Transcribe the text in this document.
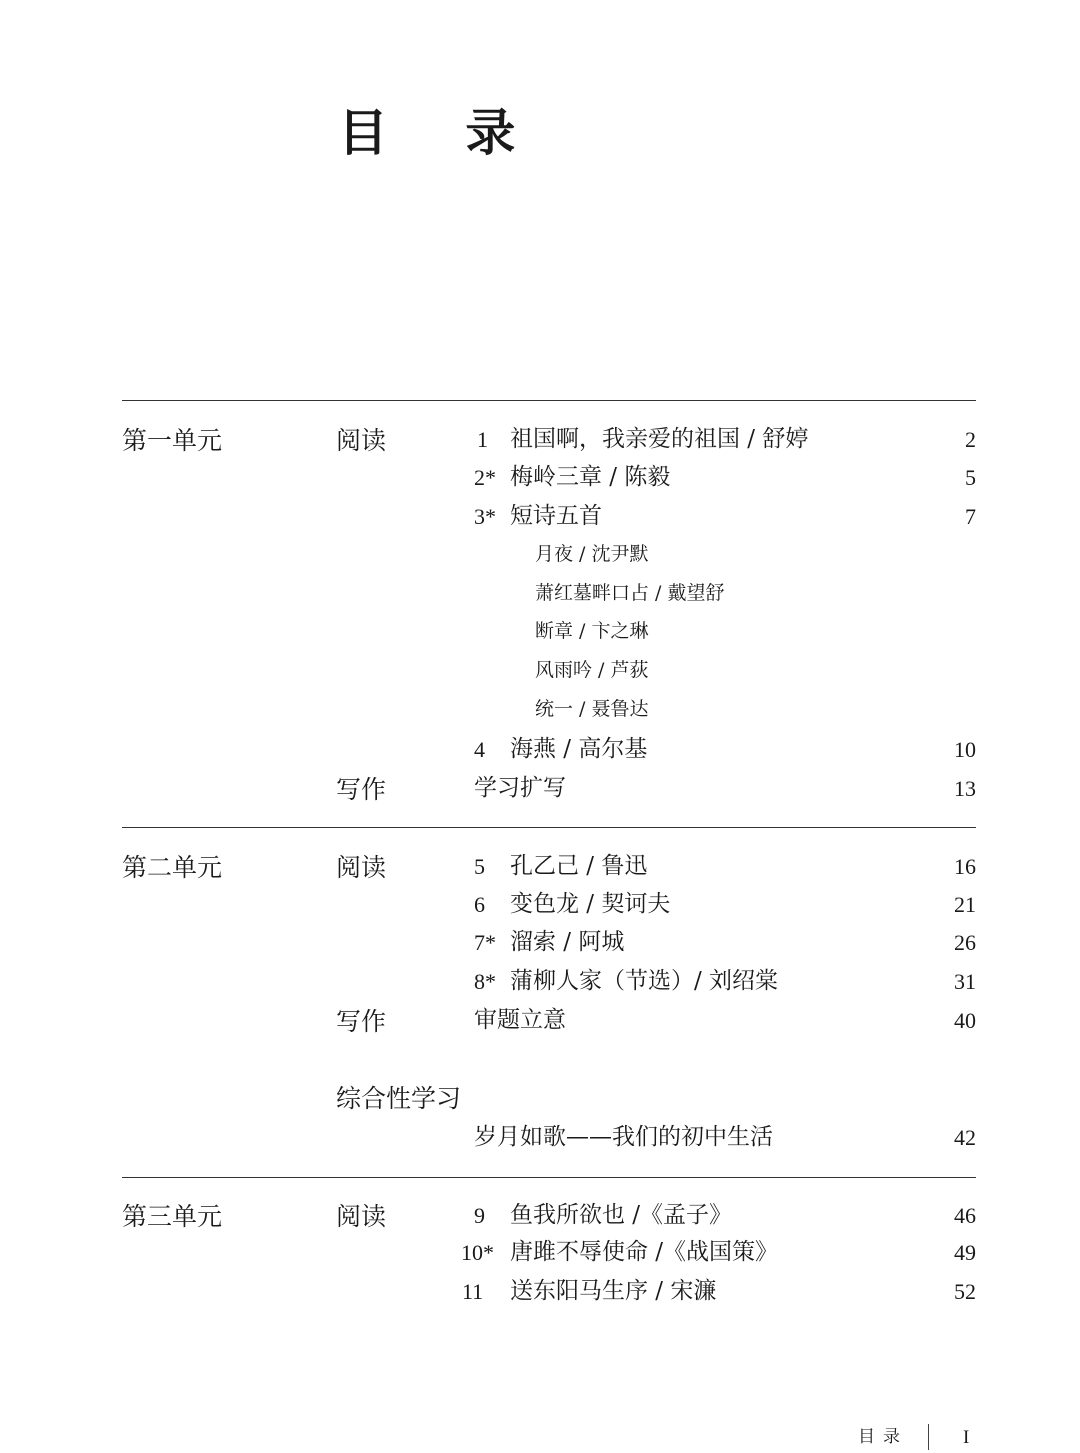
目 录
第一单元	阅读	1 祖国啊，我亲爱的祖国 / 舒婷	2
2* 梅岭三章 / 陈毅	5
3* 短诗五首	7
月夜 / 沈尹默
萧红墓畔口占 / 戴望舒
断章 / 卞之琳
风雨吟 / 芦荻
统一 / 聂鲁达
4 海燕 / 高尔基	10
写作	学习扩写	13
第二单元	阅读	5 孔乙己 / 鲁迅	16
6 变色龙 / 契诃夫	21
7* 溜索 / 阿城	26
8* 蒲柳人家（节选）/ 刘绍棠	31
写作	审题立意	40
综合性学习
岁月如歌——我们的初中生活	42
第三单元	阅读	9 鱼我所欲也 /《孟子》	46
10* 唐雎不辱使命 /《战国策》	49
11 送东阳马生序 / 宋濂	52
目录	I
